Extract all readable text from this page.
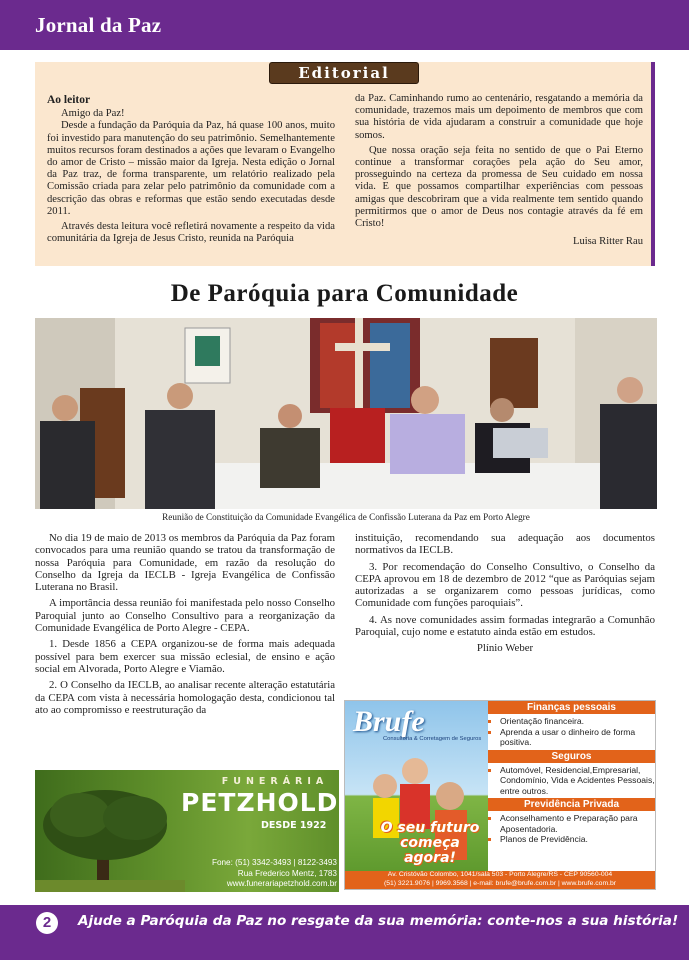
Jornal da Paz
Editorial

Ao leitor

Amigo da Paz!

Desde a fundação da Paróquia da Paz, há quase 100 anos, muito foi investido para manutenção do seu patrimônio. Semelhantemente muitos recursos foram destinados a ações que levaram o Evangelho do amor de Cristo – missão maior da Igreja. Nesta edição o Jornal da Paz traz, de forma transparente, um relatório realizado pela Comissão criada para zelar pelo patrimônio da comunidade com a descrição das obras e reformas que estão sendo executadas desde 2011.

Através desta leitura você refletirá novamente a respeito da vida comunitária da Igreja de Jesus Cristo, reunida na Paróquia

da Paz. Caminhando rumo ao centenário, resgatando a memória da comunidade, trazemos mais um depoimento de membros que com sua história de vida ajudaram a construir a comunidade que hoje somos.

Que nossa oração seja feita no sentido de que o Pai Eterno continue a transformar corações pela ação do Seu amor, prosseguindo na certeza da promessa de Seu cuidado em nossa vida. E que possamos compartilhar experiências com pessoas amigas que descobriram que a vida realmente tem sentido quando permitirmos que o amor de Deus nos contagie através da fé em Cristo!

Luisa Ritter Rau

De Paróquia para Comunidade
Reunião de Constituição da Comunidade Evangélica de Confissão Luterana da Paz em Porto Alegre

No dia 19 de maio de 2013 os membros da Paróquia da Paz foram convocados para uma reunião quando se tratou da transformação de nossa Paróquia para Comunidade, em razão da resolução do Conselho da Igreja da IECLB - Igreja Evangélica de Confissão Luterana no Brasil.

A importância dessa reunião foi manifestada pelo nosso Conselho Paroquial junto ao Conselho Consultivo para a reorganização da Comunidade Evangélica de Porto Alegre - CEPA.

1. Desde 1856 a CEPA organizou-se de forma mais adequada possível para bem exercer sua missão eclesial, de ensino e ação social em Alvorada, Porto Alegre e Viamão.

2. O Conselho da IECLB, ao analisar recente alteração estatutária da CEPA com vista à necessária homologação desta, condicionou tal ato ao compromisso e reestruturação da

instituição, recomendando sua adequação aos documentos normativos da IECLB.

3. Por recomendação do Conselho Consultivo, o Conselho da CEPA aprovou em 18 de dezembro de 2012 “que as Paróquias sejam autorizadas a se organizarem como pessoas jurídicas, como Comunidade com funções paroquiais”.

4. As nove comunidades assim formadas integrarão a Comunhão Paroquial, cujo nome e estatuto ainda estão em estudos.

Plínio Weber

FUNERÁRIA
PETZHOLD
DESDE 1922
Fone: (51) 3342-3493 | 8122-3493
Rua Frederico Mentz, 1783
www.funerariapetzhold.com.br
Brufe
Consultoria & Corretagem de Seguros
O seu futuro
começa agora!
Finanças pessoais
▪ Orientação financeira.
▪ Aprenda a usar o dinheiro de forma positiva.
Seguros
▪ Automóvel, Residencial,Empresarial, Condomínio, Vida e Acidentes Pessoais, entre outros.
Previdência Privada
▪ Aconselhamento e Preparação para Aposentadoria.
▪ Planos de Previdência.
Av. Cristóvão Colombo, 1041/sala 503 - Porto Alegre/RS - CEP 90560-004
(51) 3221.9076 | 9969.3568 | e-mail: brufe@brufe.com.br | www.brufe.com.br
2	Ajude a Paróquia da Paz no resgate da sua memória: conte-nos a sua história!
